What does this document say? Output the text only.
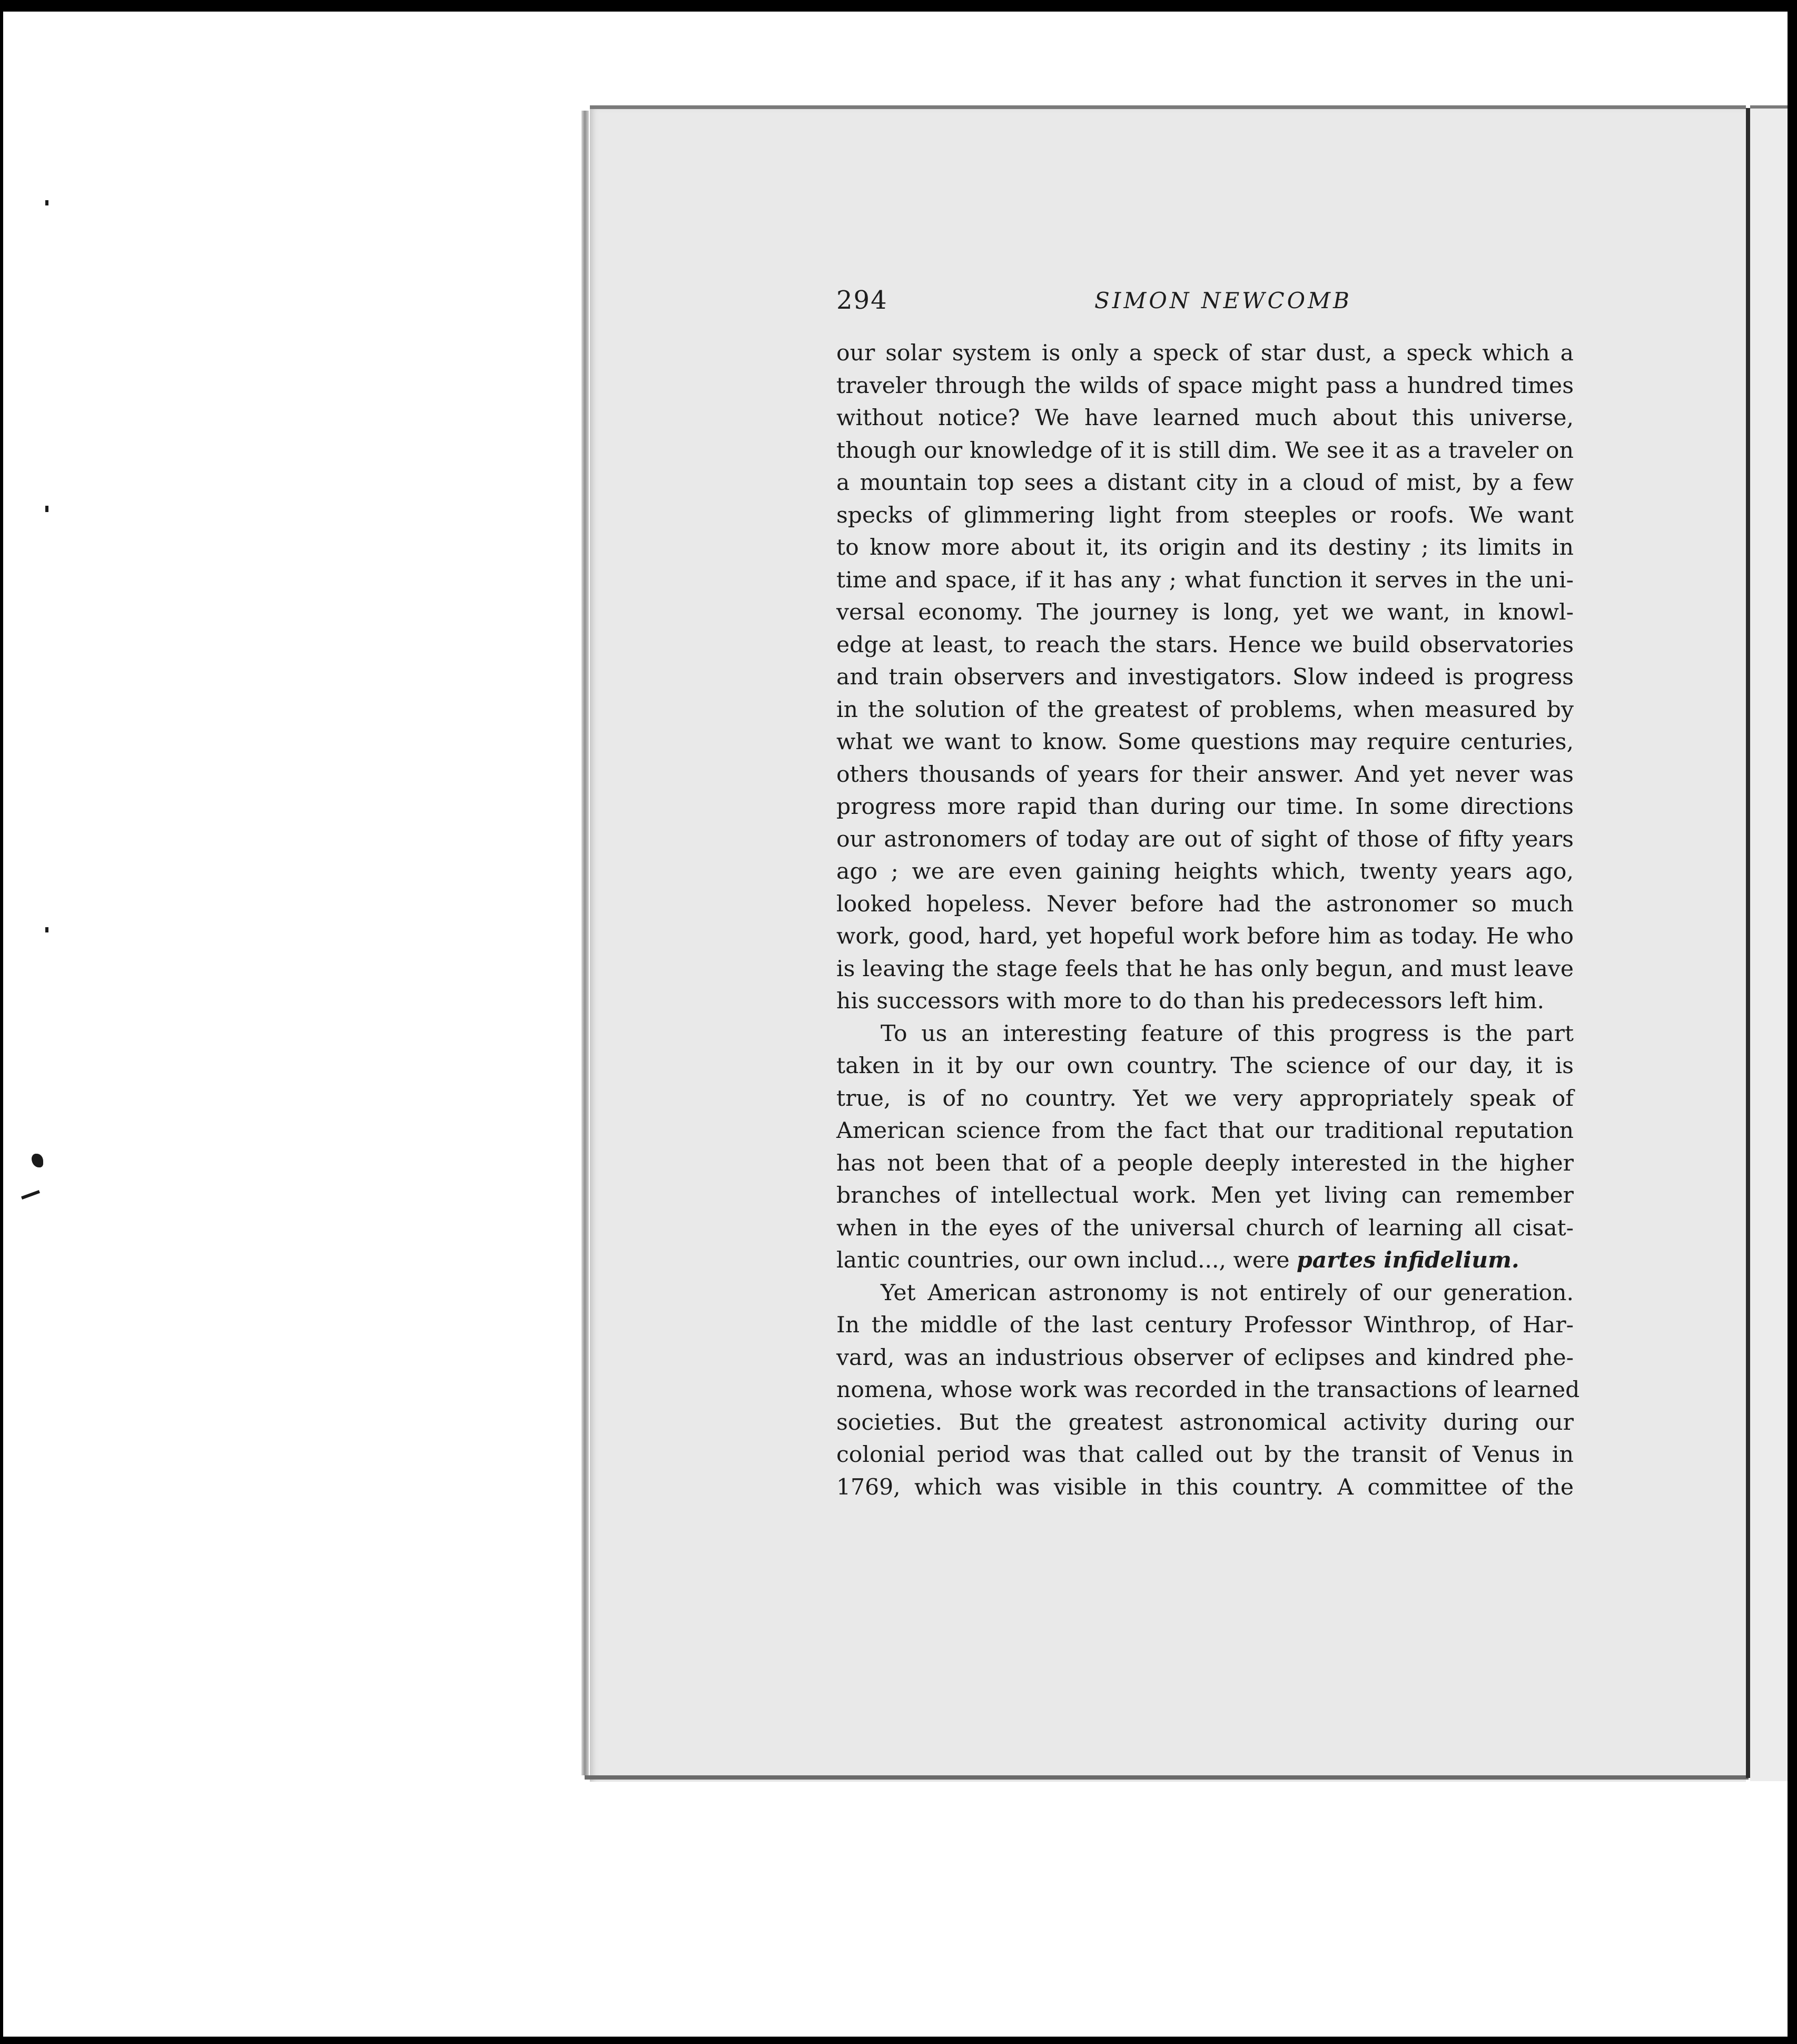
294	SIMON NEWCOMB
our solar system is only a speck of star dust, a speck which a
traveler through the wilds of space might pass a hundred times
without notice? We have learned much about this universe,
though our knowledge of it is still dim. We see it as a traveler on
a mountain top sees a distant city in a cloud of mist, by a few
specks of glimmering light from steeples or roofs. We want
to know more about it, its origin and its destiny ; its limits in
time and space, if it has any ; what function it serves in the uni-
versal economy. The journey is long, yet we want, in knowl-
edge at least, to reach the stars. Hence we build observatories
and train observers and investigators. Slow indeed is progress
in the solution of the greatest of problems, when measured by
what we want to know. Some questions may require centuries,
others thousands of years for their answer. And yet never was
progress more rapid than during our time. In some directions
our astronomers of today are out of sight of those of fifty years
ago ; we are even gaining heights which, twenty years ago,
looked hopeless. Never before had the astronomer so much
work, good, hard, yet hopeful work before him as today. He who
is leaving the stage feels that he has only begun, and must leave
his successors with more to do than his predecessors left him.
To us an interesting feature of this progress is the part
taken in it by our own country. The science of our day, it is
true, is of no country. Yet we very appropriately speak of
American science from the fact that our traditional reputation
has not been that of a people deeply interested in the higher
branches of intellectual work. Men yet living can remember
when in the eyes of the universal church of learning all cisat-
lantic countries, our own includ..., were partes infidelium.
Yet American astronomy is not entirely of our generation.
In the middle of the last century Professor Winthrop, of Har-
vard, was an industrious observer of eclipses and kindred phe-
nomena, whose work was recorded in the transactions of learned
societies. But the greatest astronomical activity during our
colonial period was that called out by the transit of Venus in
1769, which was visible in this country. A committee of the
